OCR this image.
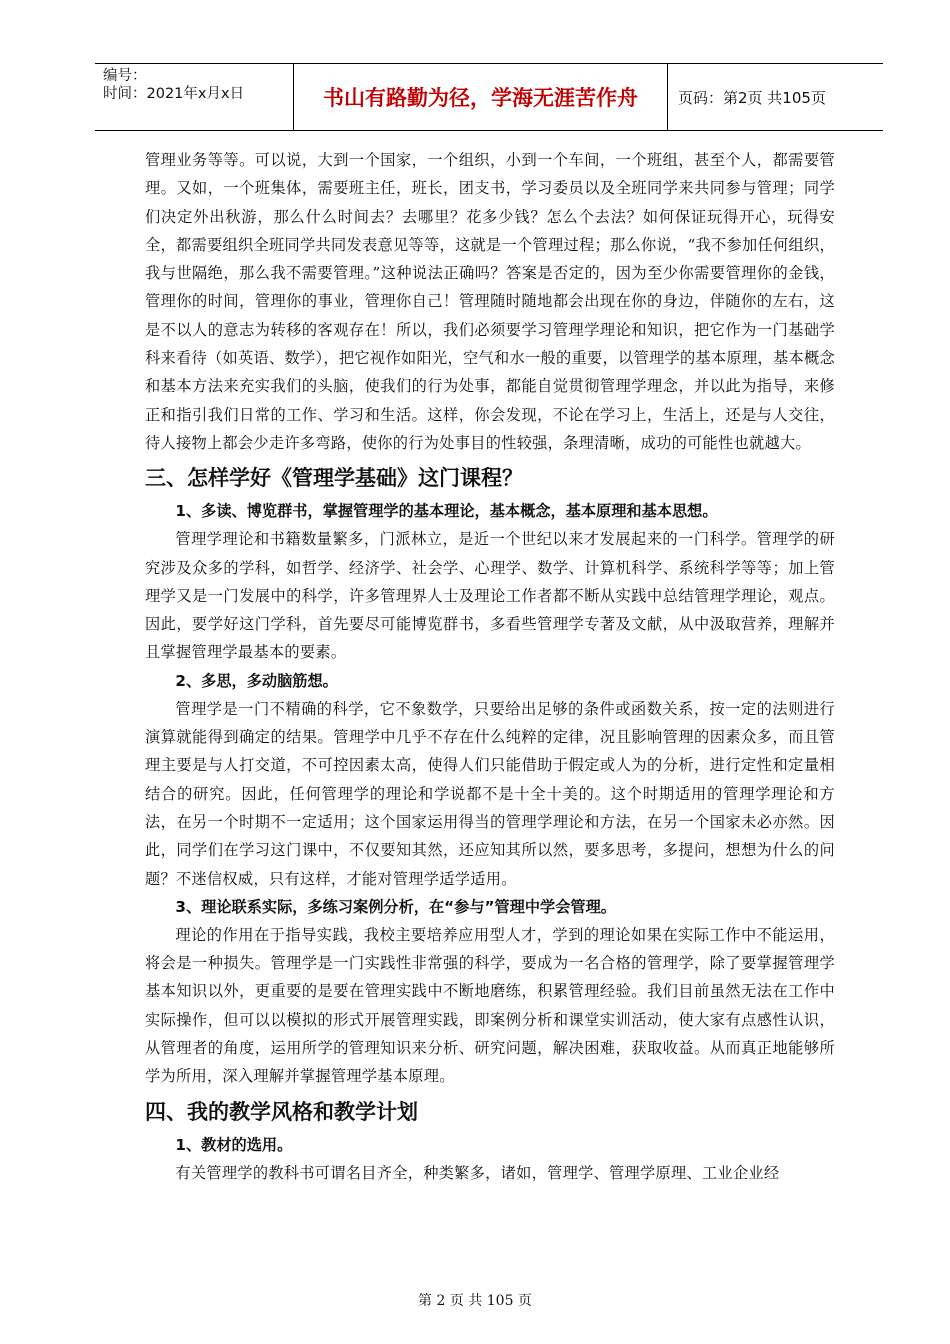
编号：
时间：2021年x月x日	书山有路勤为径，学海无涯苦作舟	页码：第2页 共105页

管理业务等等。可以说，大到一个国家，一个组织，小到一个车间，一个班组，甚至个人，都需要管理。又如，一个班集体，需要班主任，班长，团支书，学习委员以及全班同学来共同参与管理；同学们决定外出秋游，那么什么时间去？去哪里？花多少钱？怎么个去法？如何保证玩得开心，玩得安全，都需要组织全班同学共同发表意见等等，这就是一个管理过程；那么你说，“我不参加任何组织，我与世隔绝，那么我不需要管理。”这种说法正确吗？答案是否定的，因为至少你需要管理你的金钱，管理你的时间，管理你的事业，管理你自己！管理随时随地都会出现在你的身边，伴随你的左右，这是不以人的意志为转移的客观存在！所以，我们必须要学习管理学理论和知识，把它作为一门基础学科来看待（如英语、数学），把它视作如阳光，空气和水一般的重要，以管理学的基本原理，基本概念和基本方法来充实我们的头脑，使我们的行为处事，都能自觉贯彻管理学理念，并以此为指导，来修正和指引我们日常的工作、学习和生活。这样，你会发现，不论在学习上，生活上，还是与人交往，待人接物上都会少走许多弯路，使你的行为处事目的性较强，条理清晰，成功的可能性也就越大。

三、怎样学好《管理学基础》这门课程？

1、多读、博览群书，掌握管理学的基本理论，基本概念，基本原理和基本思想。

管理学理论和书籍数量繁多，门派林立，是近一个世纪以来才发展起来的一门科学。管理学的研究涉及众多的学科，如哲学、经济学、社会学、心理学、数学、计算机科学、系统科学等等；加上管理学又是一门发展中的科学，许多管理界人士及理论工作者都不断从实践中总结管理学理论，观点。因此，要学好这门学科，首先要尽可能博览群书，多看些管理学专著及文献，从中汲取营养，理解并且掌握管理学最基本的要素。

2、多思，多动脑筋想。

管理学是一门不精确的科学，它不象数学，只要给出足够的条件或函数关系，按一定的法则进行演算就能得到确定的结果。管理学中几乎不存在什么纯粹的定律，况且影响管理的因素众多，而且管理主要是与人打交道，不可控因素太高，使得人们只能借助于假定或人为的分析，进行定性和定量相结合的研究。因此，任何管理学的理论和学说都不是十全十美的。这个时期适用的管理学理论和方法，在另一个时期不一定适用；这个国家运用得当的管理学理论和方法，在另一个国家未必亦然。因此，同学们在学习这门课中，不仅要知其然，还应知其所以然，要多思考，多提问，想想为什么的问题？不迷信权威，只有这样，才能对管理学适学适用。

3、理论联系实际，多练习案例分析，在“参与”管理中学会管理。

理论的作用在于指导实践，我校主要培养应用型人才，学到的理论如果在实际工作中不能运用，将会是一种损失。管理学是一门实践性非常强的科学，要成为一名合格的管理学，除了要掌握管理学基本知识以外，更重要的是要在管理实践中不断地磨练，积累管理经验。我们目前虽然无法在工作中实际操作，但可以以模拟的形式开展管理实践，即案例分析和课堂实训活动，使大家有点感性认识，从管理者的角度，运用所学的管理知识来分析、研究问题，解决困难，获取收益。从而真正地能够所学为所用，深入理解并掌握管理学基本原理。

四、我的教学风格和教学计划

1、教材的选用。

有关管理学的教科书可谓名目齐全，种类繁多，诸如，管理学、管理学原理、工业企业经

第 2 页 共 105 页
